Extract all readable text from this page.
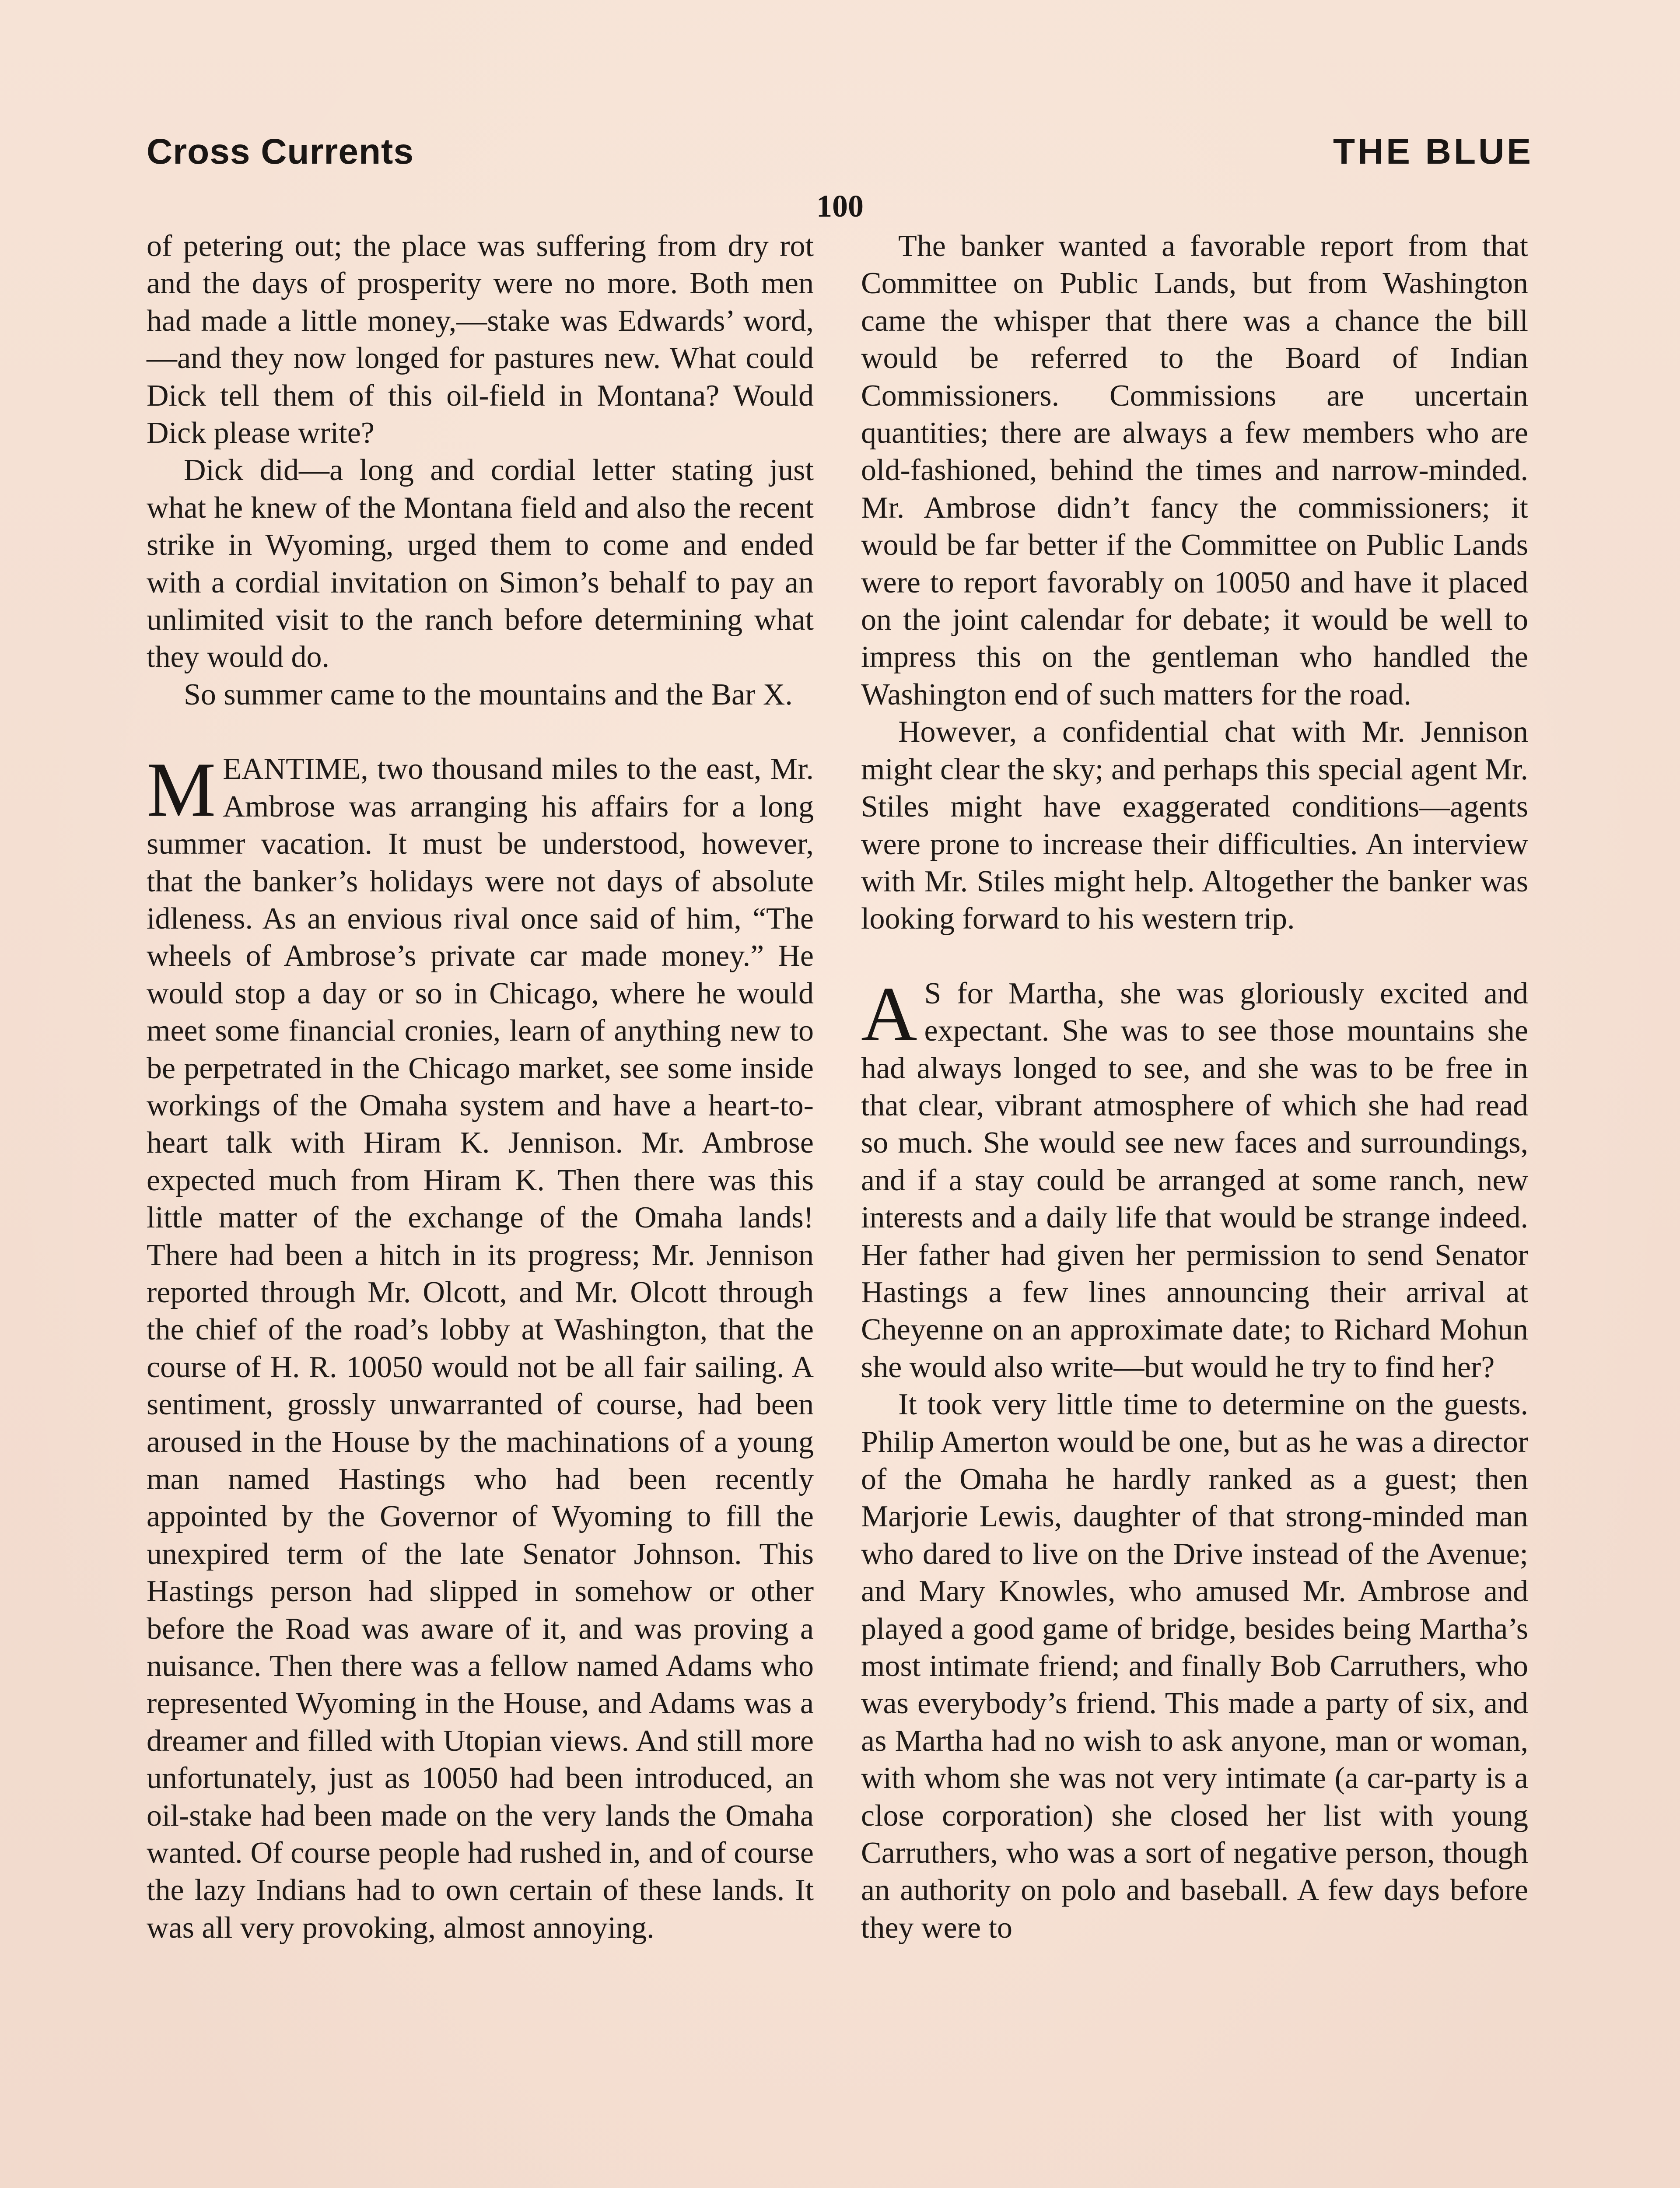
Cross Currents	THE BLUE
100

of petering out; the place was suffering from dry rot and the days of prosperity were no more. Both men had made a little money,—stake was Edwards’ word,—and they now longed for pastures new. What could Dick tell them of this oil-field in Montana? Would Dick please write?

Dick did—a long and cordial letter stating just what he knew of the Montana field and also the recent strike in Wyoming, urged them to come and ended with a cordial invitation on Simon’s behalf to pay an unlimited visit to the ranch before determining what they would do.

So summer came to the mountains and the Bar X.

MEANTIME, two thousand miles to the east, Mr. Ambrose was arranging his affairs for a long summer vacation. It must be understood, however, that the banker’s holidays were not days of absolute idleness. As an envious rival once said of him, “The wheels of Ambrose’s private car made money.” He would stop a day or so in Chicago, where he would meet some financial cronies, learn of anything new to be perpetrated in the Chicago market, see some inside workings of the Omaha system and have a heart-to-heart talk with Hiram K. Jennison. Mr. Ambrose expected much from Hiram K. Then there was this little matter of the exchange of the Omaha lands! There had been a hitch in its progress; Mr. Jennison reported through Mr. Olcott, and Mr. Olcott through the chief of the road’s lobby at Washington, that the course of H. R. 10050 would not be all fair sailing. A sentiment, grossly unwarranted of course, had been aroused in the House by the machinations of a young man named Hastings who had been recently appointed by the Governor of Wyoming to fill the unexpired term of the late Senator Johnson. This Hastings person had slipped in somehow or other before the Road was aware of it, and was proving a nuisance. Then there was a fellow named Adams who represented Wyoming in the House, and Adams was a dreamer and filled with Utopian views. And still more unfortunately, just as 10050 had been introduced, an oil-stake had been made on the very lands the Omaha wanted. Of course people had rushed in, and of course the lazy Indians had to own certain of these lands. It was all very provoking, almost annoying.

The banker wanted a favorable report from that Committee on Public Lands, but from Washington came the whisper that there was a chance the bill would be referred to the Board of Indian Commissioners. Commissions are uncertain quantities; there are always a few members who are old-fashioned, behind the times and narrow-minded. Mr. Ambrose didn’t fancy the commissioners; it would be far better if the Committee on Public Lands were to report favorably on 10050 and have it placed on the joint calendar for debate; it would be well to impress this on the gentleman who handled the Washington end of such matters for the road.

However, a confidential chat with Mr. Jennison might clear the sky; and perhaps this special agent Mr. Stiles might have exaggerated conditions—agents were prone to increase their difficulties. An interview with Mr. Stiles might help. Altogether the banker was looking forward to his western trip.

A S for Martha, she was gloriously excited and expectant. She was to see those mountains she had always longed to see, and she was to be free in that clear, vibrant atmosphere of which she had read so much. She would see new faces and surroundings, and if a stay could be arranged at some ranch, new interests and a daily life that would be strange indeed. Her father had given her permission to send Senator Hastings a few lines announcing their arrival at Cheyenne on an approximate date; to Richard Mohun she would also write—but would he try to find her?

It took very little time to determine on the guests. Philip Amerton would be one, but as he was a director of the Omaha he hardly ranked as a guest; then Marjorie Lewis, daughter of that strong-minded man who dared to live on the Drive instead of the Avenue; and Mary Knowles, who amused Mr. Ambrose and played a good game of bridge, besides being Martha’s most intimate friend; and finally Bob Carruthers, who was everybody’s friend. This made a party of six, and as Martha had no wish to ask anyone, man or woman, with whom she was not very intimate (a car-party is a close corporation) she closed her list with young Carruthers, who was a sort of negative person, though an authority on polo and baseball. A few days before they were to
